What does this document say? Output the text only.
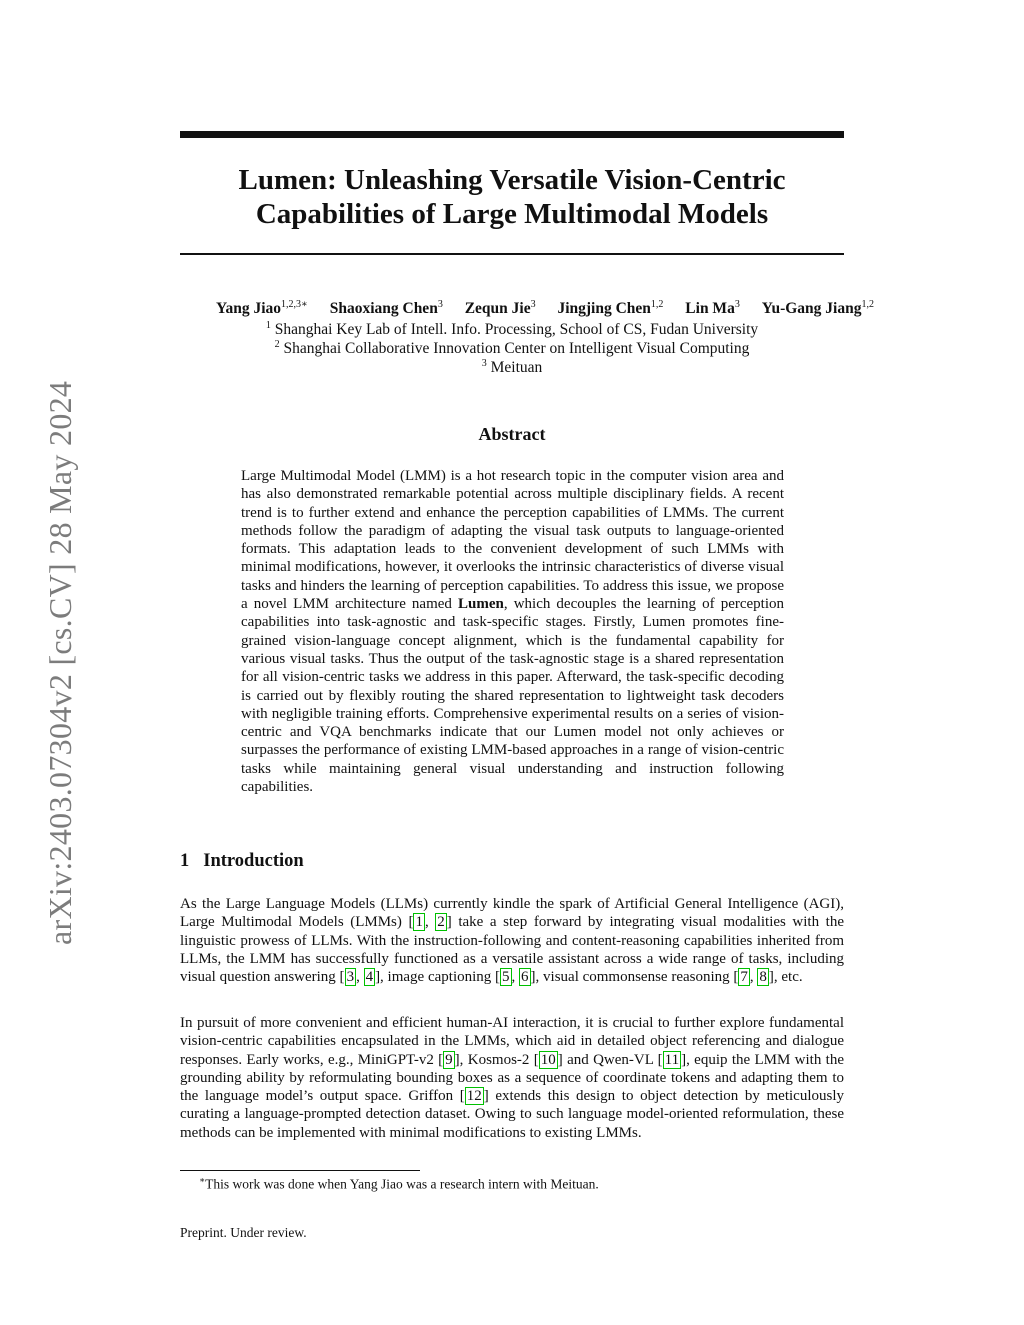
arXiv:2403.07304v2 [cs.CV] 28 May 2024
Lumen: Unleashing Versatile Vision-Centric
Capabilities of Large Multimodal Models
Yang Jiao$^{1,2,3∗}$ Shaoxiang Chen$^3$ Zequn Jie$^3$ Jingjing Chen$^{1,2}$ Lin Ma$^3$ Yu-Gang Jiang$^{1,2}$
$^1$ Shanghai Key Lab of Intell. Info. Processing, School of CS, Fudan University
$^2$ Shanghai Collaborative Innovation Center on Intelligent Visual Computing
$^3$ Meituan
Abstract
Large Multimodal Model (LMM) is a hot research topic in the computer vision area and has also demonstrated remarkable potential across multiple disciplinary fields. A recent trend is to further extend and enhance the perception capabilities of LMMs. The current methods follow the paradigm of adapting the visual task outputs to language-oriented formats. This adaptation leads to the convenient development of such LMMs with minimal modifications, however, it overlooks the intrinsic characteristics of diverse visual tasks and hinders the learning of perception capabilities. To address this issue, we propose a novel LMM architecture named Lumen, which decouples the learning of perception capabilities into task-agnostic and task-specific stages. Firstly, Lumen promotes fine-grained vision-language concept alignment, which is the fundamental capability for various visual tasks. Thus the output of the task-agnostic stage is a shared representation for all vision-centric tasks we address in this paper. Afterward, the task-specific decoding is carried out by flexibly routing the shared representation to lightweight task decoders with negligible training efforts. Comprehensive experimental results on a series of vision-centric and VQA benchmarks indicate that our Lumen model not only achieves or surpasses the performance of existing LMM-based approaches in a range of vision-centric tasks while maintaining general visual understanding and instruction following capabilities.
1 Introduction
As the Large Language Models (LLMs) currently kindle the spark of Artificial General Intelligence (AGI), Large Multimodal Models (LMMs) [ 1 , 2 ] take a step forward by integrating visual modalities with the linguistic prowess of LLMs. With the instruction-following and content-reasoning capabilities inherited from LLMs, the LMM has successfully functioned as a versatile assistant across a wide range of tasks, including visual question answering [ 3 , 4 ], image captioning [ 5 , 6 ], visual commonsense reasoning [ 7 , 8 ], etc.
In pursuit of more convenient and efficient human-AI interaction, it is crucial to further explore fundamental vision-centric capabilities encapsulated in the LMMs, which aid in detailed object referencing and dialogue responses. Early works, e.g., MiniGPT-v2 [ 9 ], Kosmos-2 [ 10 ] and Qwen-VL [ 11 ], equip the LMM with the grounding ability by reformulating bounding boxes as a sequence of coordinate tokens and adapting them to the language model’s output space. Griffon [ 12 ] extends this design to object detection by meticulously curating a language-prompted detection dataset. Owing to such language model-oriented reformulation, these methods can be implemented with minimal modifications to existing LMMs.
∗This work was done when Yang Jiao was a research intern with Meituan.
Preprint. Under review.
